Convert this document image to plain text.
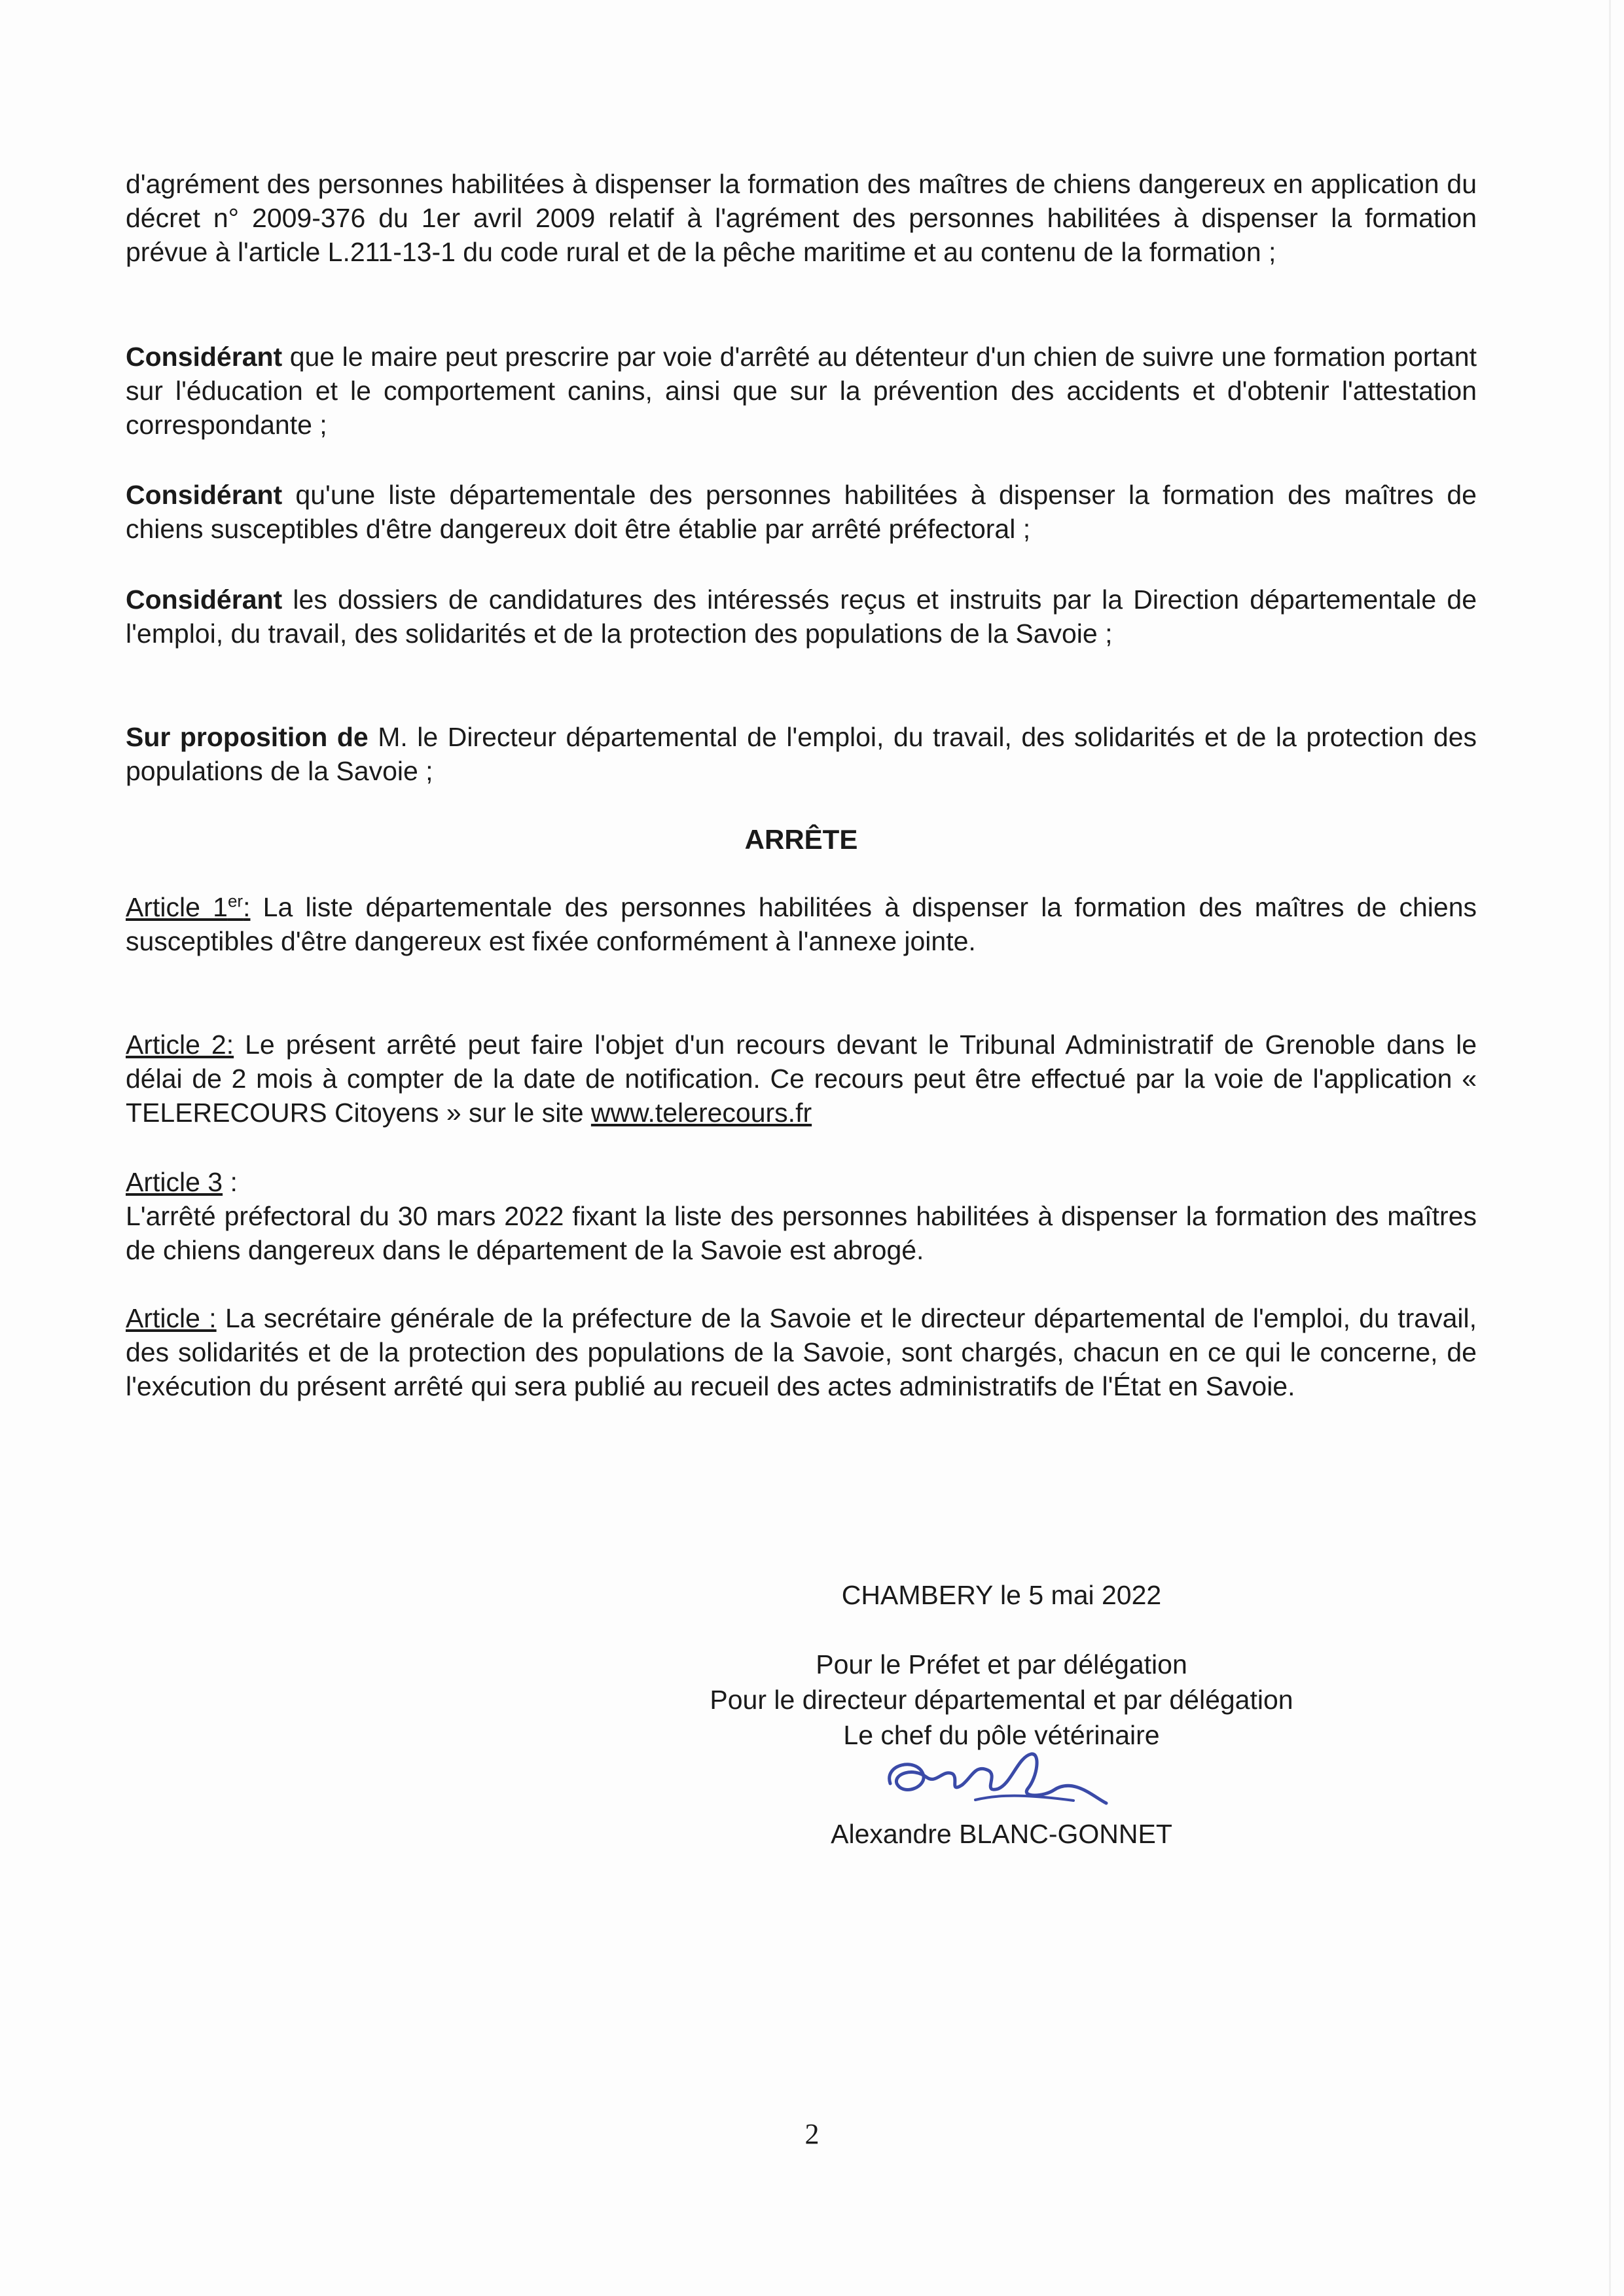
d'agrément des personnes habilitées à dispenser la formation des maîtres de chiens dangereux en application du décret n° 2009-376 du 1er avril 2009 relatif à l'agrément des personnes habilitées à dispenser la formation prévue à l'article L.211-13-1 du code rural et de la pêche maritime et au contenu de la formation ;

Considérant que le maire peut prescrire par voie d'arrêté au détenteur d'un chien de suivre une formation portant sur l'éducation et le comportement canins, ainsi que sur la prévention des accidents et d'obtenir l'attestation correspondante ;

Considérant qu'une liste départementale des personnes habilitées à dispenser la formation des maîtres de chiens susceptibles d'être dangereux doit être établie par arrêté préfectoral ;

Considérant les dossiers de candidatures des intéressés reçus et instruits par la Direction départementale de l'emploi, du travail, des solidarités et de la protection des populations de la Savoie ;

Sur proposition de M. le Directeur départemental de l'emploi, du travail, des solidarités et de la protection des populations de la Savoie ;

ARRÊTE

Article 1er: La liste départementale des personnes habilitées à dispenser la formation des maîtres de chiens susceptibles d'être dangereux est fixée conformément à l'annexe jointe.

Article 2: Le présent arrêté peut faire l'objet d'un recours devant le Tribunal Administratif de Grenoble dans le délai de 2 mois à compter de la date de notification. Ce recours peut être effectué par la voie de l'application « TELERECOURS Citoyens » sur le site www.telerecours.fr

Article 3 :
L'arrêté préfectoral du 30 mars 2022 fixant la liste des personnes habilitées à dispenser la formation des maîtres de chiens dangereux dans le département de la Savoie est abrogé.

Article : La secrétaire générale de la préfecture de la Savoie et le directeur départemental de l'emploi, du travail, des solidarités et de la protection des populations de la Savoie, sont chargés, chacun en ce qui le concerne, de l'exécution du présent arrêté qui sera publié au recueil des actes administratifs de l'État en Savoie.

CHAMBERY le 5 mai 2022
Pour le Préfet et par délégation
Pour le directeur départemental et par délégation
Le chef du pôle vétérinaire
Alexandre BLANC-GONNET
2
